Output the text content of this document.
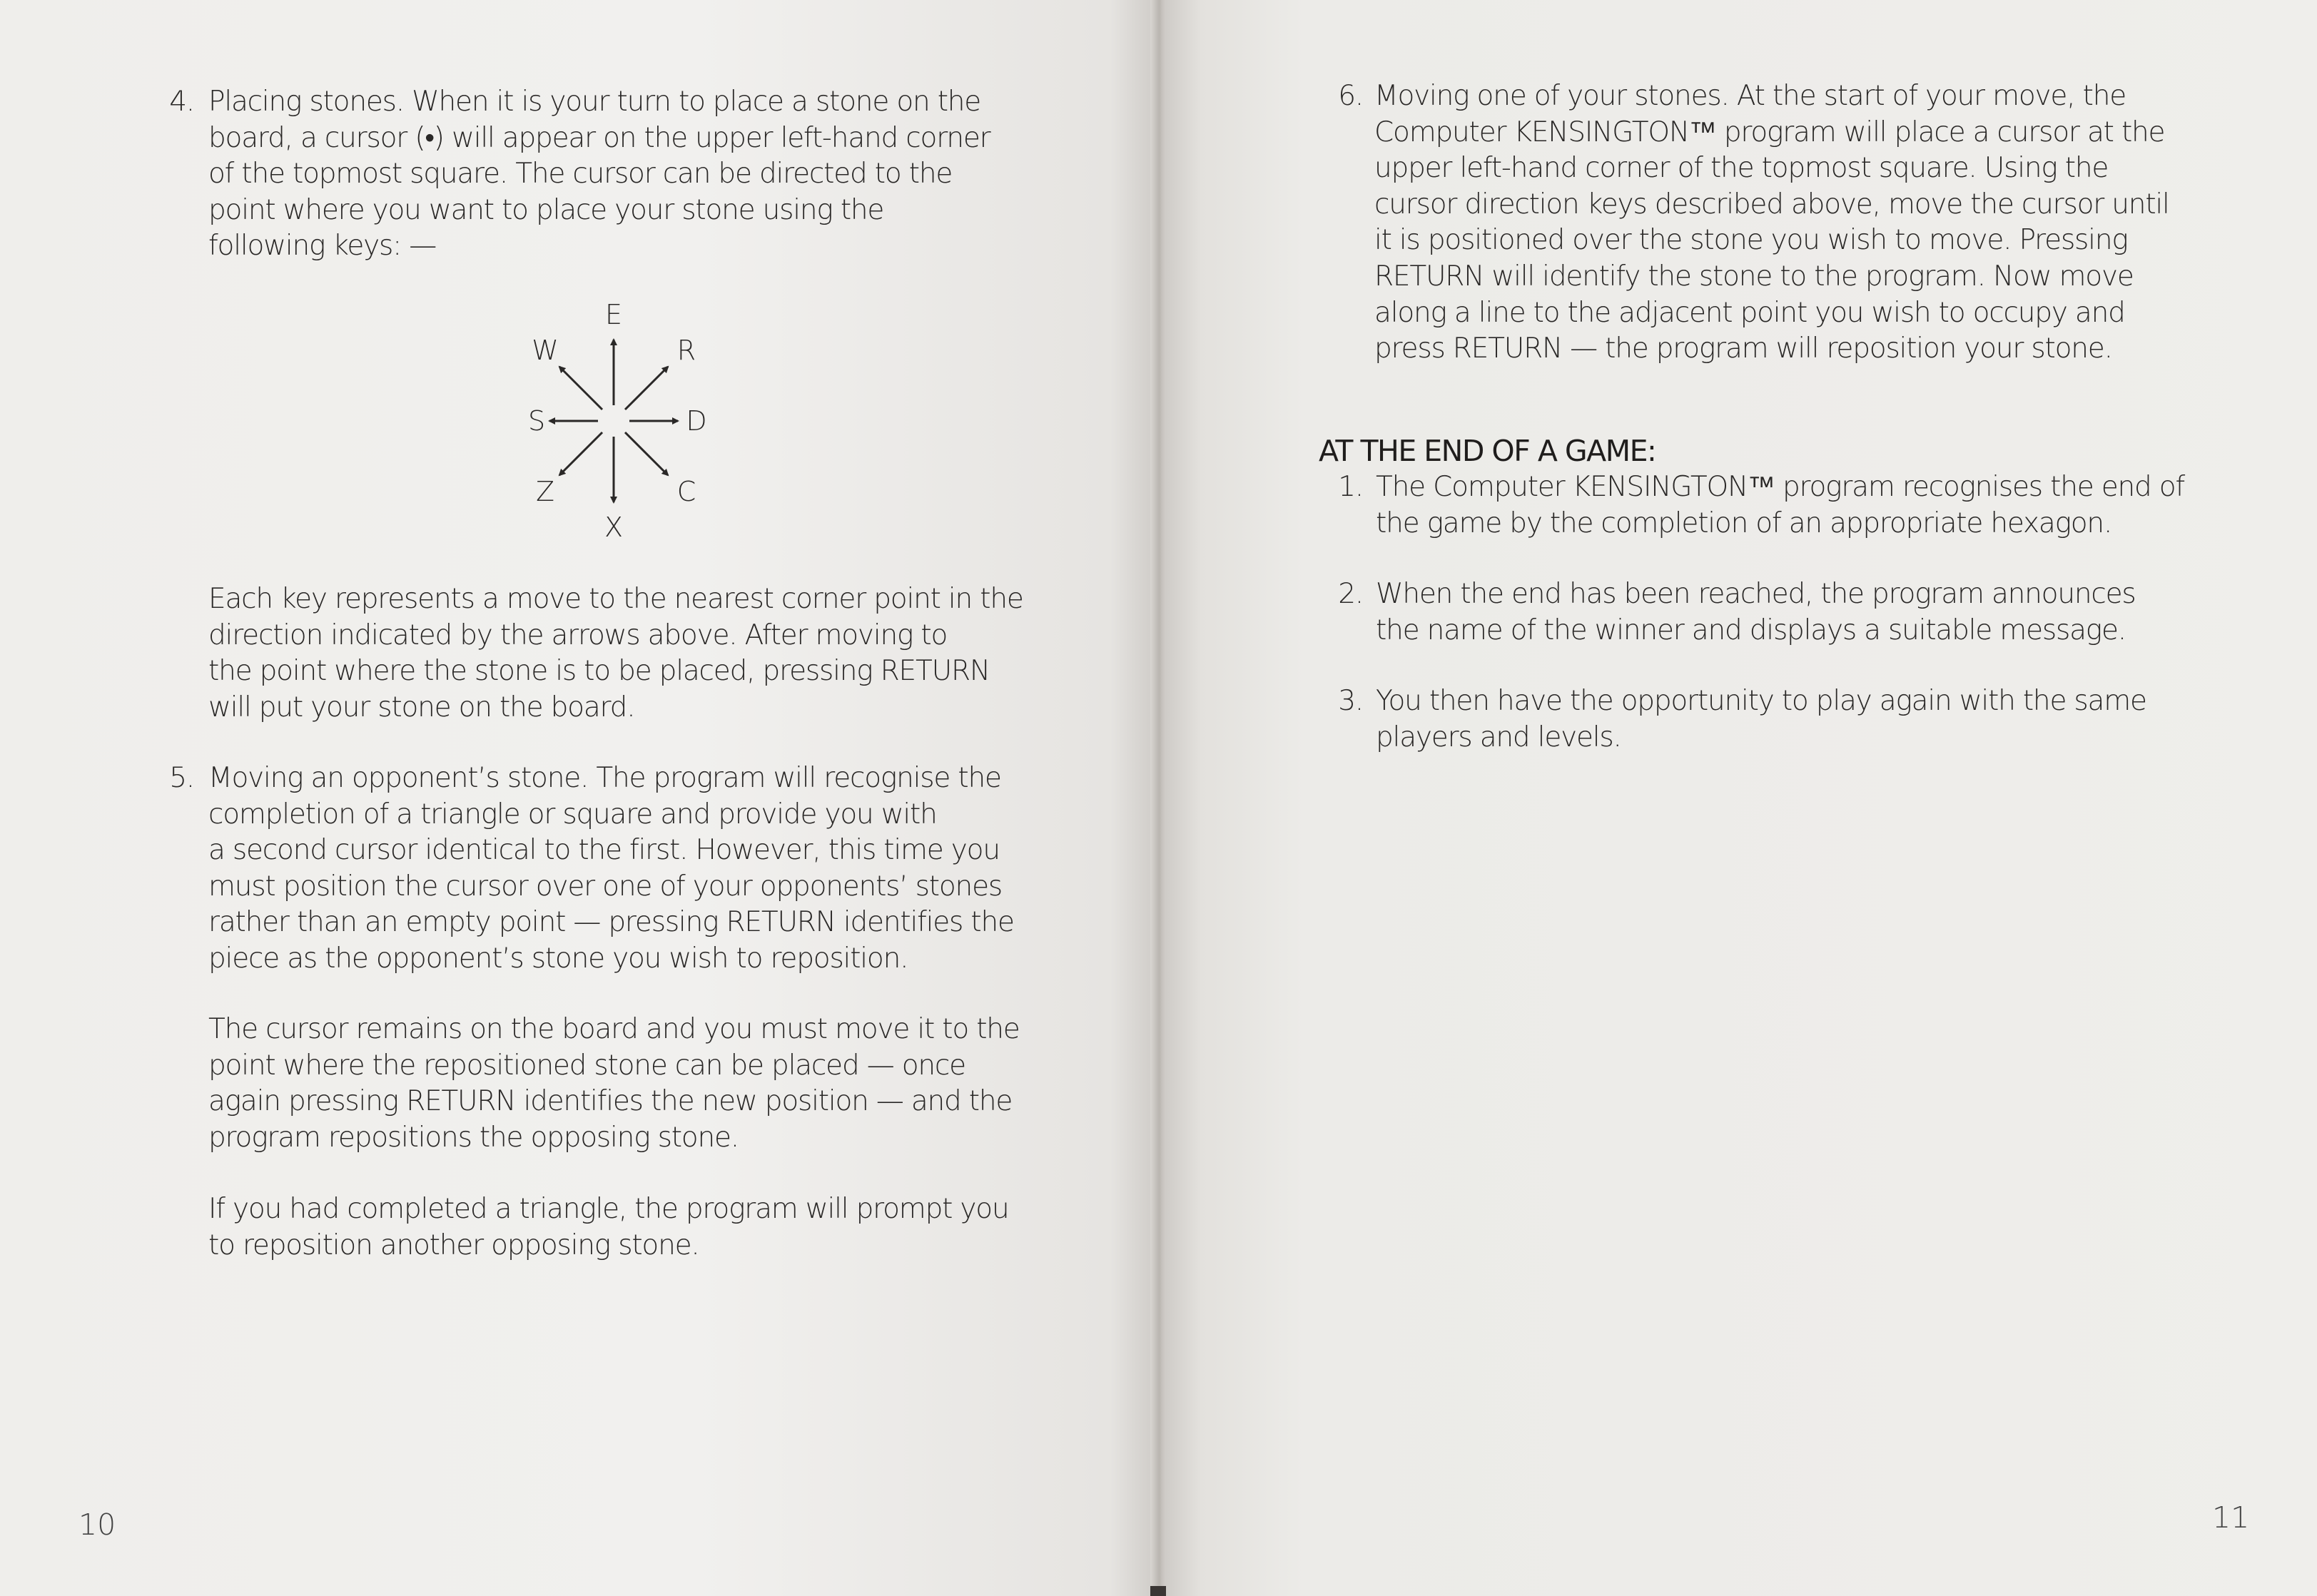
4. Placing stones. When it is your turn to place a stone on the
board, a cursor (•) will appear on the upper left-hand corner
of the topmost square. The cursor can be directed to the
point where you want to place your stone using the
following keys: —
E
W	R
S	D
Z	C
X
Each key represents a move to the nearest corner point in the
direction indicated by the arrows above. After moving to
the point where the stone is to be placed, pressing RETURN
will put your stone on the board.
5. Moving an opponent’s stone. The program will recognise the
completion of a triangle or square and provide you with
a second cursor identical to the first. However, this time you
must position the cursor over one of your opponents’ stones
rather than an empty point — pressing RETURN identifies the
piece as the opponent’s stone you wish to reposition.
The cursor remains on the board and you must move it to the
point where the repositioned stone can be placed — once
again pressing RETURN identifies the new position — and the
program repositions the opposing stone.
If you had completed a triangle, the program will prompt you
to reposition another opposing stone.
10
6. Moving one of your stones. At the start of your move, the
Computer KENSINGTON™ program will place a cursor at the
upper left-hand corner of the topmost square. Using the
cursor direction keys described above, move the cursor until
it is positioned over the stone you wish to move. Pressing
RETURN will identify the stone to the program. Now move
along a line to the adjacent point you wish to occupy and
press RETURN — the program will reposition your stone.
AT THE END OF A GAME:
1. The Computer KENSINGTON™ program recognises the end of
the game by the completion of an appropriate hexagon.
2. When the end has been reached, the program announces
the name of the winner and displays a suitable message.
3. You then have the opportunity to play again with the same
players and levels.
11
